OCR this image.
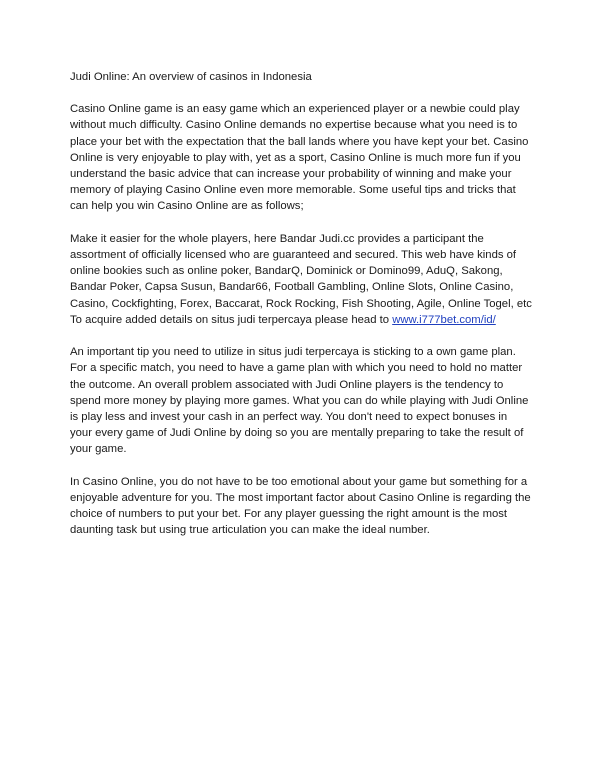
Judi Online: An overview of casinos in Indonesia

Casino Online game is an easy game which an experienced player or a newbie could play without much difficulty. Casino Online demands no expertise because what you need is to place your bet with the expectation that the ball lands where you have kept your bet. Casino Online is very enjoyable to play with, yet as a sport, Casino Online is much more fun if you understand the basic advice that can increase your probability of winning and make your memory of playing Casino Online even more memorable. Some useful tips and tricks that can help you win Casino Online are as follows;

Make it easier for the whole players, here Bandar Judi.cc provides a participant the assortment of officially licensed who are guaranteed and secured. This web have kinds of online bookies such as online poker, BandarQ, Dominick or Domino99, AduQ, Sakong, Bandar Poker, Capsa Susun, Bandar66, Football Gambling, Online Slots, Online Casino, Casino, Cockfighting, Forex, Baccarat, Rock Rocking, Fish Shooting, Agile, Online Togel, etc To acquire added details on situs judi terpercaya please head to www.i777bet.com/id/

An important tip you need to utilize in situs judi terpercaya is sticking to a own game plan. For a specific match, you need to have a game plan with which you need to hold no matter the outcome. An overall problem associated with Judi Online players is the tendency to spend more money by playing more games. What you can do while playing with Judi Online is play less and invest your cash in an perfect way. You don't need to expect bonuses in your every game of Judi Online by doing so you are mentally preparing to take the result of your game.

In Casino Online, you do not have to be too emotional about your game but something for a enjoyable adventure for you. The most important factor about Casino Online is regarding the choice of numbers to put your bet. For any player guessing the right amount is the most daunting task but using true articulation you can make the ideal number.
